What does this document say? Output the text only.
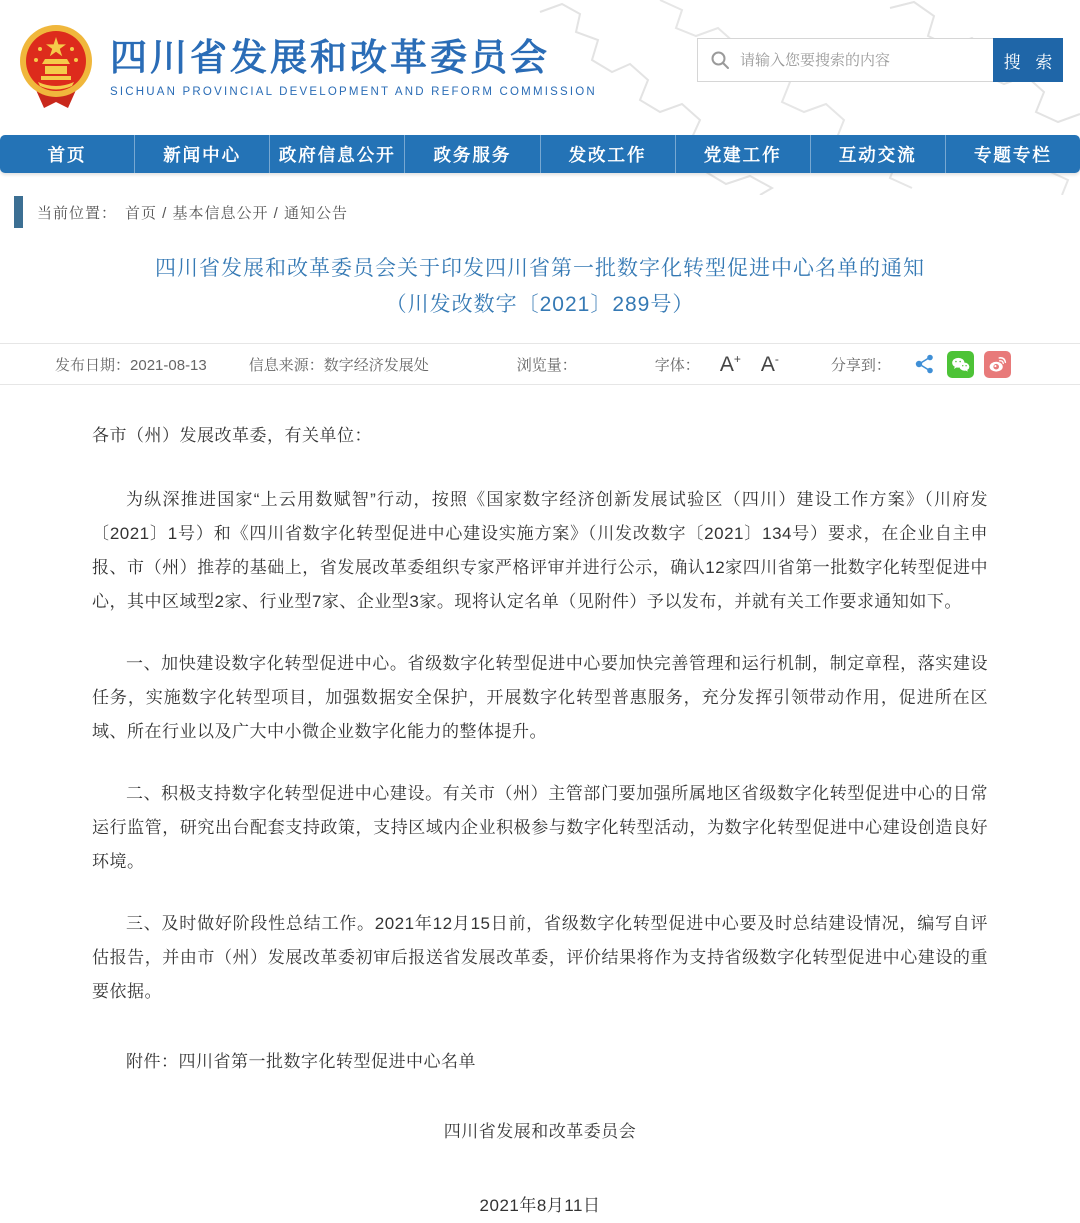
四川省发展和改革委员会
SICHUAN PROVINCIAL DEVELOPMENT AND REFORM COMMISSION
请输入您要搜索的内容
搜 索
首页	新闻中心	政府信息公开	政务服务	发改工作	党建工作	互动交流	专题专栏
当前位置： 首页 / 基本信息公开 / 通知公告
四川省发展和改革委员会关于印发四川省第一批数字化转型促进中心名单的通知
（川发改数字〔2021〕289号）
发布日期：2021-08-13	信息来源：数字经济发展处	浏览量：	字体： A+ A-	分享到：

各市（州）发展改革委，有关单位：

为纵深推进国家“上云用数赋智”行动，按照《国家数字经济创新发展试验区（四川）建设工作方案》（川府发〔2021〕1号）和《四川省数字化转型促进中心建设实施方案》（川发改数字〔2021〕134号）要求，在企业自主申报、市（州）推荐的基础上，省发展改革委组织专家严格评审并进行公示，确认12家四川省第一批数字化转型促进中心，其中区域型2家、行业型7家、企业型3家。现将认定名单（见附件）予以发布，并就有关工作要求通知如下。

一、加快建设数字化转型促进中心。省级数字化转型促进中心要加快完善管理和运行机制，制定章程，落实建设任务，实施数字化转型项目，加强数据安全保护，开展数字化转型普惠服务，充分发挥引领带动作用，促进所在区域、所在行业以及广大中小微企业数字化能力的整体提升。

二、积极支持数字化转型促进中心建设。有关市（州）主管部门要加强所属地区省级数字化转型促进中心的日常运行监管，研究出台配套支持政策，支持区域内企业积极参与数字化转型活动，为数字化转型促进中心建设创造良好环境。

三、及时做好阶段性总结工作。2021年12月15日前，省级数字化转型促进中心要及时总结建设情况，编写自评估报告，并由市（州）发展改革委初审后报送省发展改革委，评价结果将作为支持省级数字化转型促进中心建设的重要依据。

附件：四川省第一批数字化转型促进中心名单

四川省发展和改革委员会

2021年8月11日
